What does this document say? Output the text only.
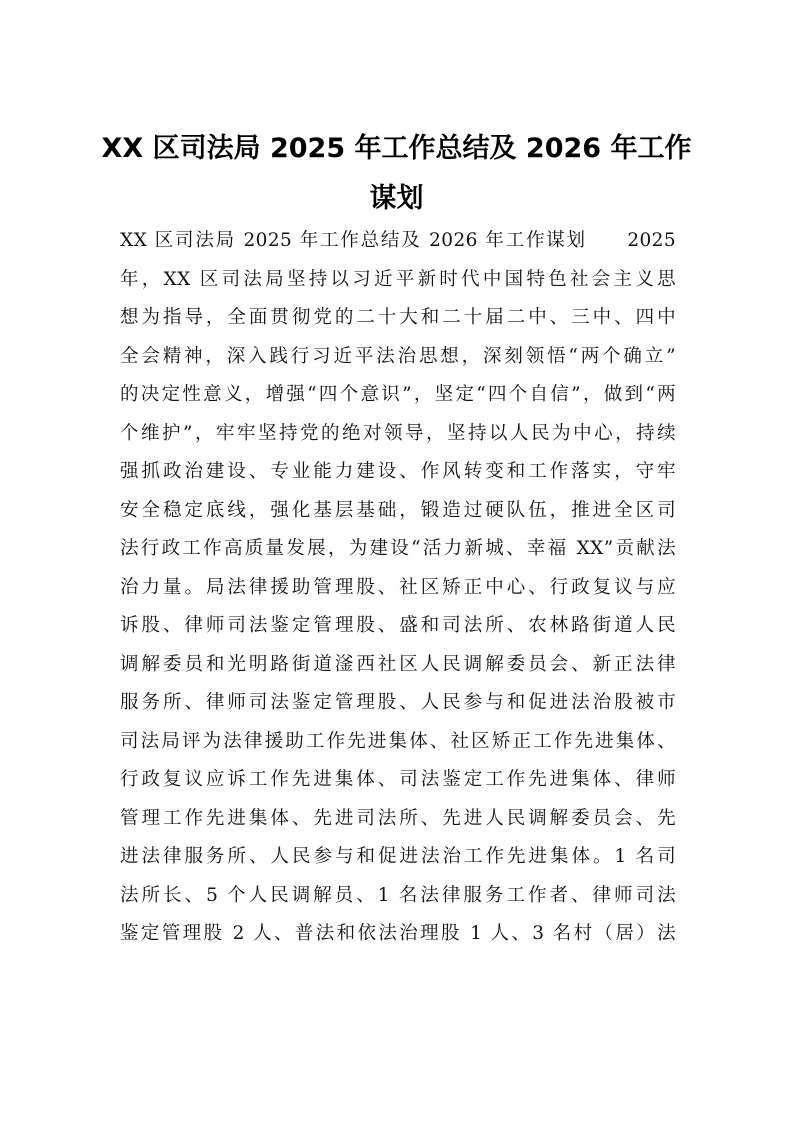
XX 区司法局 2025 年工作总结及 2026 年工作谋划
XX 区司法局 2025 年工作总结及 2026 年工作谋划　　2025
年，XX 区司法局坚持以习近平新时代中国特色社会主义思
想为指导，全面贯彻党的二十大和二十届二中、三中、四中
全会精神，深入践行习近平法治思想，深刻领悟“两个确立”
的决定性意义，增强“四个意识”，坚定“四个自信”，做到“两
个维护”，牢牢坚持党的绝对领导，坚持以人民为中心，持续
强抓政治建设、专业能力建设、作风转变和工作落实，守牢
安全稳定底线，强化基层基础，锻造过硬队伍，推进全区司
法行政工作高质量发展，为建设“活力新城、幸福 XX”贡献法
治力量。局法律援助管理股、社区矫正中心、行政复议与应
诉股、律师司法鉴定管理股、盛和司法所、农林路街道人民
调解委员和光明路街道滏西社区人民调解委员会、新正法律
服务所、律师司法鉴定管理股、人民参与和促进法治股被市
司法局评为法律援助工作先进集体、社区矫正工作先进集体、
行政复议应诉工作先进集体、司法鉴定工作先进集体、律师
管理工作先进集体、先进司法所、先进人民调解委员会、先
进法律服务所、人民参与和促进法治工作先进集体。1 名司
法所长、5 个人民调解员、1 名法律服务工作者、律师司法
鉴定管理股 2 人、普法和依法治理股 1 人、3 名村（居）法
